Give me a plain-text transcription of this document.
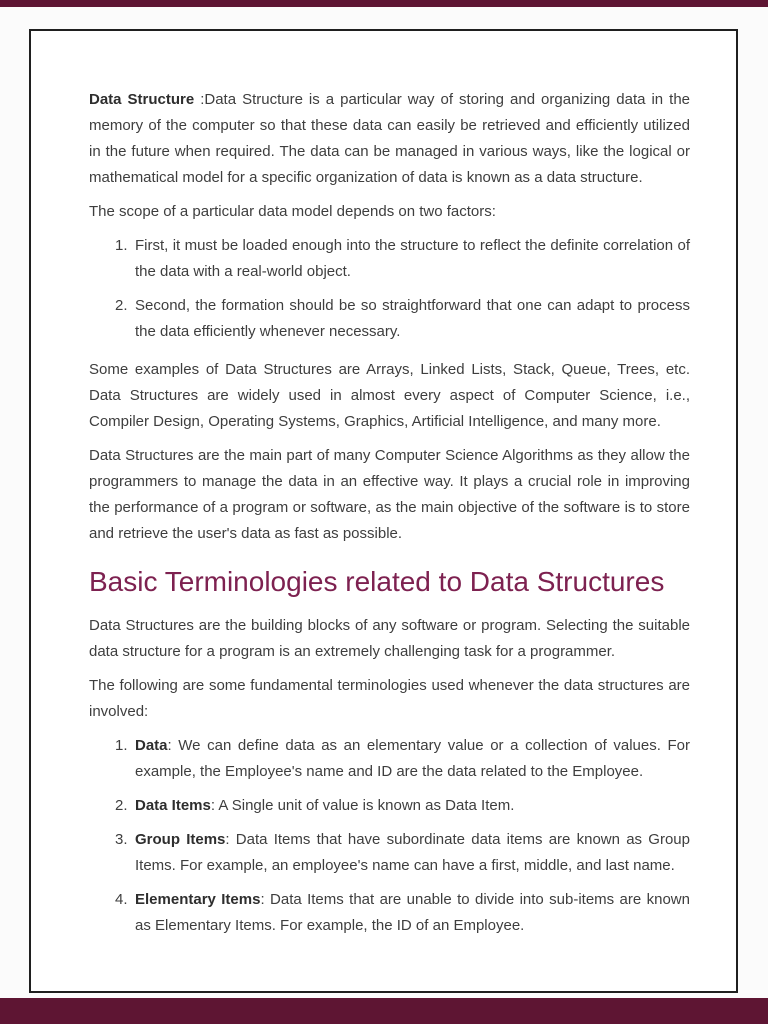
Data Structure :Data Structure is a particular way of storing and organizing data in the memory of the computer so that these data can easily be retrieved and efficiently utilized in the future when required. The data can be managed in various ways, like the logical or mathematical model for a specific organization of data is known as a data structure.

The scope of a particular data model depends on two factors:

1. First, it must be loaded enough into the structure to reflect the definite correlation of the data with a real-world object.
2. Second, the formation should be so straightforward that one can adapt to process the data efficiently whenever necessary.

Some examples of Data Structures are Arrays, Linked Lists, Stack, Queue, Trees, etc. Data Structures are widely used in almost every aspect of Computer Science, i.e., Compiler Design, Operating Systems, Graphics, Artificial Intelligence, and many more.

Data Structures are the main part of many Computer Science Algorithms as they allow the programmers to manage the data in an effective way. It plays a crucial role in improving the performance of a program or software, as the main objective of the software is to store and retrieve the user's data as fast as possible.

Basic Terminologies related to Data Structures

Data Structures are the building blocks of any software or program. Selecting the suitable data structure for a program is an extremely challenging task for a programmer.

The following are some fundamental terminologies used whenever the data structures are involved:

1. Data: We can define data as an elementary value or a collection of values. For example, the Employee's name and ID are the data related to the Employee.
2. Data Items: A Single unit of value is known as Data Item.
3. Group Items: Data Items that have subordinate data items are known as Group Items. For example, an employee's name can have a first, middle, and last name.
4. Elementary Items: Data Items that are unable to divide into sub-items are known as Elementary Items. For example, the ID of an Employee.
